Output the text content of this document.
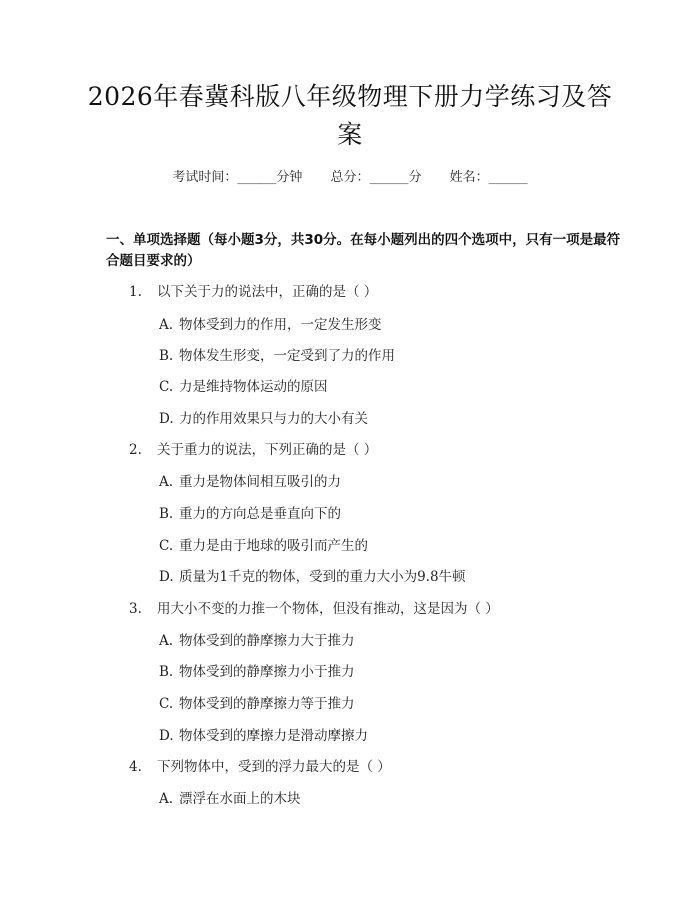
2026年春冀科版八年级物理下册力学练习及答案
考试时间：______分钟 总分：______分 姓名：______
一、单项选择题（每小题3分，共30分。在每小题列出的四个选项中，只有一项是最符合题目要求的）
1. 以下关于力的说法中，正确的是（ ）
A. 物体受到力的作用，一定发生形变
B. 物体发生形变，一定受到了力的作用
C. 力是维持物体运动的原因
D. 力的作用效果只与力的大小有关
2. 关于重力的说法，下列正确的是（ ）
A. 重力是物体间相互吸引的力
B. 重力的方向总是垂直向下的
C. 重力是由于地球的吸引而产生的
D. 质量为1千克的物体，受到的重力大小为9.8牛顿
3. 用大小不变的力推一个物体，但没有推动，这是因为（ ）
A. 物体受到的静摩擦力大于推力
B. 物体受到的静摩擦力小于推力
C. 物体受到的静摩擦力等于推力
D. 物体受到的摩擦力是滑动摩擦力
4. 下列物体中，受到的浮力最大的是（ ）
A. 漂浮在水面上的木块
